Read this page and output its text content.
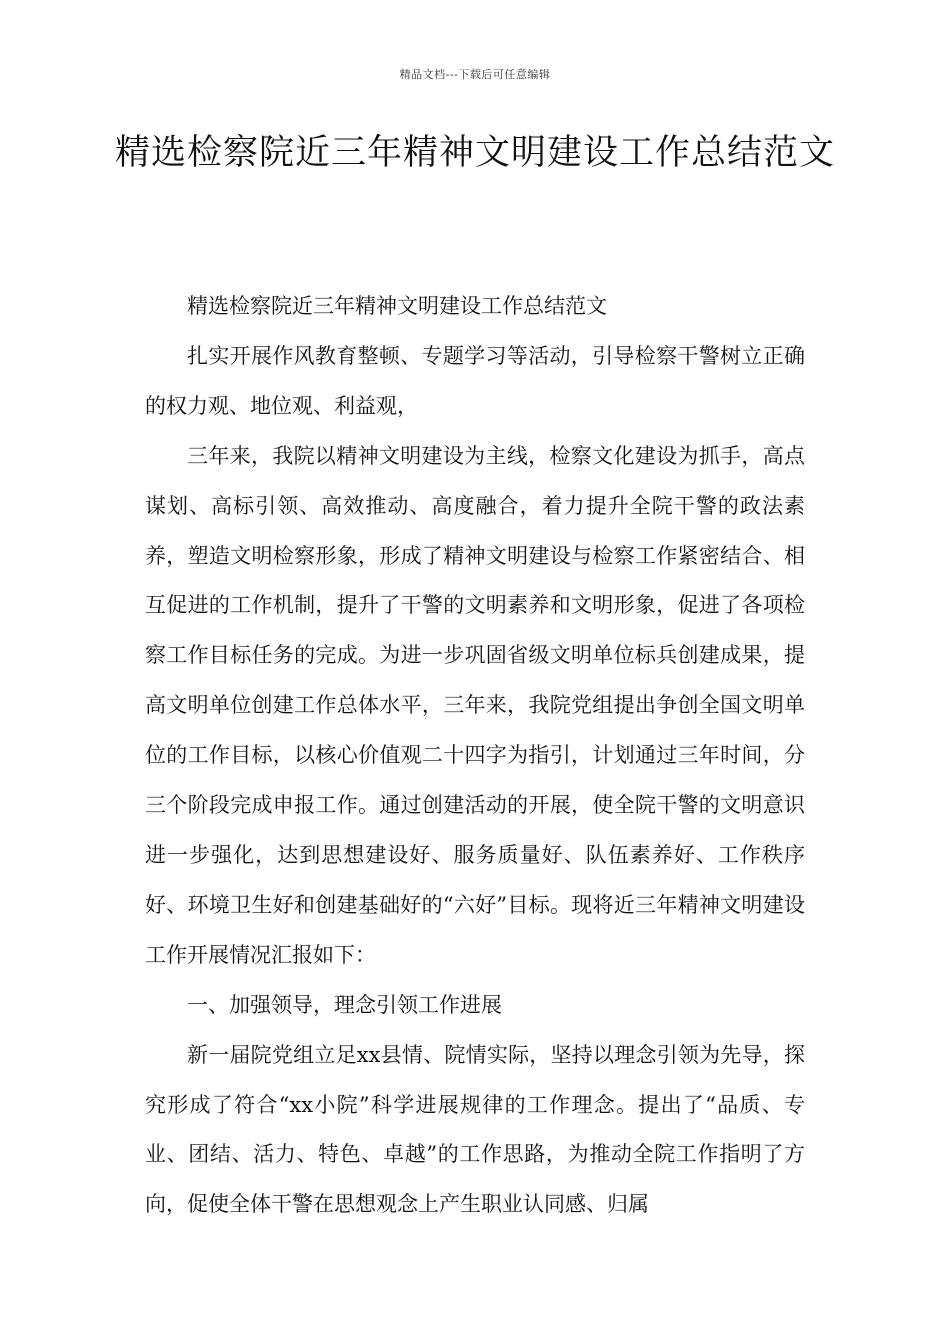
精品文档---下载后可任意编辑
精选检察院近三年精神文明建设工作总结范文

精选检察院近三年精神文明建设工作总结范文

扎实开展作风教育整顿、专题学习等活动，引导检察干警树立正确的权力观、地位观、利益观，

三年来，我院以精神文明建设为主线，检察文化建设为抓手，高点谋划、高标引领、高效推动、高度融合，着力提升全院干警的政法素养，塑造文明检察形象，形成了精神文明建设与检察工作紧密结合、相互促进的工作机制，提升了干警的文明素养和文明形象，促进了各项检察工作目标任务的完成。为进一步巩固省级文明单位标兵创建成果，提高文明单位创建工作总体水平，三年来，我院党组提出争创全国文明单位的工作目标，以核心价值观二十四字为指引，计划通过三年时间，分三个阶段完成申报工作。通过创建活动的开展，使全院干警的文明意识进一步强化，达到思想建设好、服务质量好、队伍素养好、工作秩序好、环境卫生好和创建基础好的“六好”目标。现将近三年精神文明建设工作开展情况汇报如下：

一、加强领导，理念引领工作进展

新一届院党组立足xx县情、院情实际，坚持以理念引领为先导，探究形成了符合“xx小院”科学进展规律的工作理念。提出了“品质、专业、团结、活力、特色、卓越”的工作思路，为推动全院工作指明了方向，促使全体干警在思想观念上产生职业认同感、归属
